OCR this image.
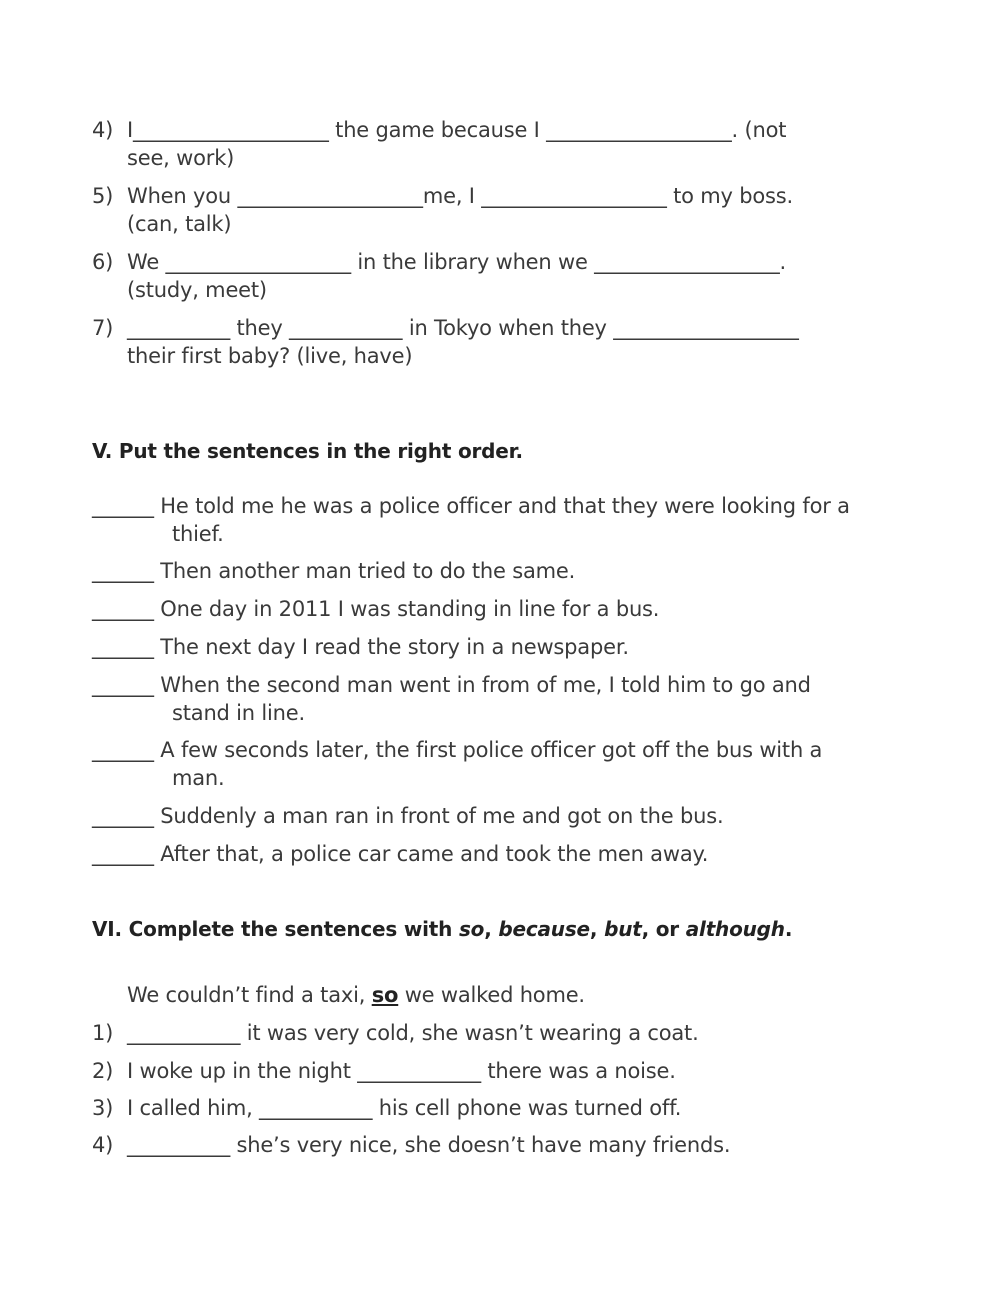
4) I___________________ the game because I __________________. (not
see, work)
5) When you __________________me, I __________________ to my boss.
(can, talk)
6) We __________________ in the library when we __________________.
(study, meet)
7) __________ they ___________ in Tokyo when they __________________
their first baby? (live, have)
V. Put the sentences in the right order.
______ He told me he was a police officer and that they were looking for a
thief.
______ Then another man tried to do the same.
______ One day in 2011 I was standing in line for a bus.
______ The next day I read the story in a newspaper.
______ When the second man went in from of me, I told him to go and
stand in line.
______ A few seconds later, the first police officer got off the bus with a
man.
______ Suddenly a man ran in front of me and got on the bus.
______ After that, a police car came and took the men away.
VI. Complete the sentences with so, because, but, or although.
We couldn’t find a taxi, so we walked home.
1) ___________ it was very cold, she wasn’t wearing a coat.
2) I woke up in the night ____________ there was a noise.
3) I called him, ___________ his cell phone was turned off.
4) __________ she’s very nice, she doesn’t have many friends.
